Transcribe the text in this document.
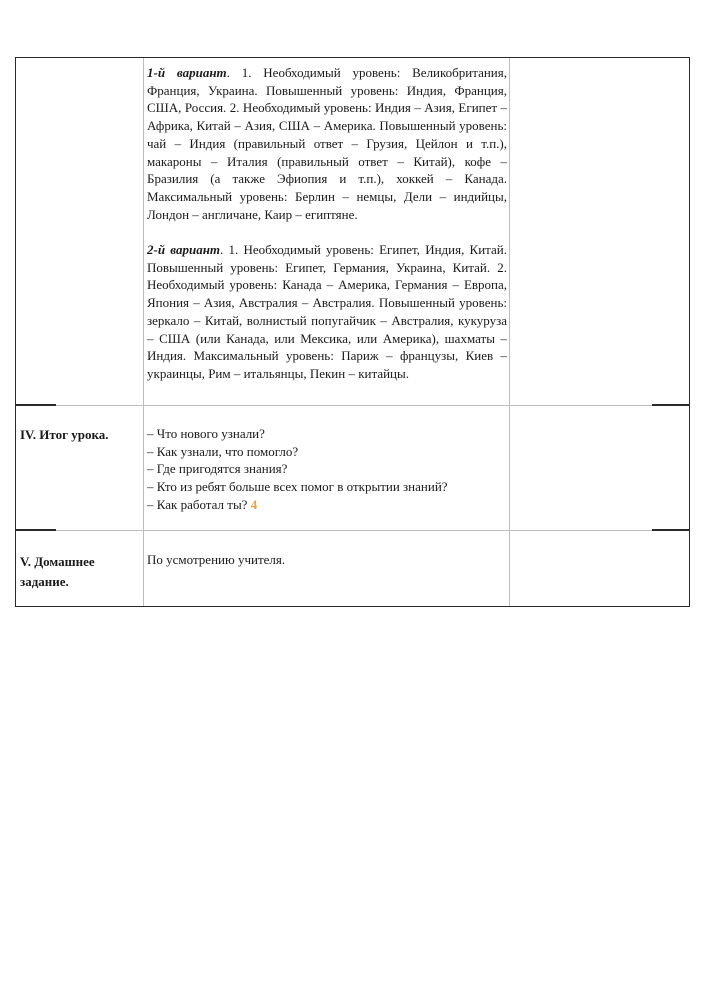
1-й вариант. 1. Необходимый уровень: Великобритания, Франция, Украина. Повышенный уровень: Индия, Франция, США, Россия. 2. Необходимый уровень: Индия – Азия, Египет – Африка, Китай – Азия, США – Америка. Повышенный уровень: чай – Индия (правильный ответ – Грузия, Цейлон и т.п.), макароны – Италия (правильный ответ – Китай), кофе – Бразилия (а также Эфиопия и т.п.), хоккей – Канада. Максимальный уровень: Берлин – немцы, Дели – индийцы, Лондон – англичане, Каир – египтяне.

2-й вариант. 1. Необходимый уровень: Египет, Индия, Китай. Повышенный уровень: Египет, Германия, Украина, Китай. 2. Необходимый уровень: Канада – Америка, Германия – Европа, Япония – Азия, Австралия – Австралия. Повышенный уровень: зеркало – Китай, волнистый попугайчик – Австралия, кукуруза – США (или Канада, или Мексика, или Америка), шахматы – Индия. Максимальный уровень: Париж – французы, Киев – украинцы, Рим – итальянцы, Пекин – китайцы.

IV. Итог урока.	– Что нового узнали?
– Как узнали, что помогло?
– Где пригодятся знания?
– Кто из ребят больше всех помог в открытии знаний?
– Как работал ты? 4
V. Домашнее задание.
По усмотрению учителя.
